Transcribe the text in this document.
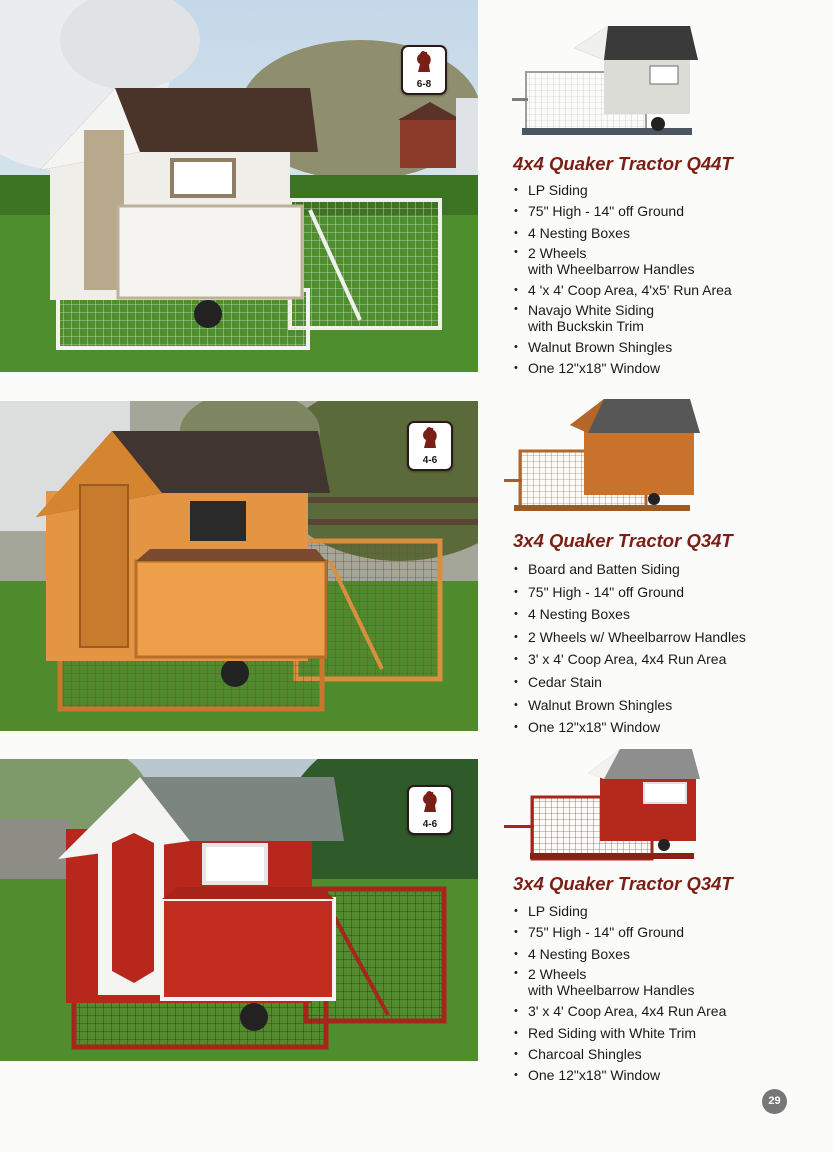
6-8
4x4 Quaker Tractor Q44T
• LP Siding
• 75" High - 14" off Ground
• 4 Nesting Boxes
• 2 Wheels
with Wheelbarrow Handles
• 4 'x 4' Coop Area, 4'x5' Run Area
• Navajo White Siding
with Buckskin Trim
• Walnut Brown Shingles
• One 12"x18" Window
4-6
3x4 Quaker Tractor Q34T
• Board and Batten Siding
• 75" High - 14" off Ground
• 4 Nesting Boxes
• 2 Wheels w/ Wheelbarrow Handles
• 3' x 4' Coop Area, 4x4 Run Area
• Cedar Stain
• Walnut Brown Shingles
• One 12"x18" Window
4-6
3x4 Quaker Tractor Q34T
• LP Siding
• 75" High - 14" off Ground
• 4 Nesting Boxes
• 2 Wheels
with Wheelbarrow Handles
• 3' x 4' Coop Area, 4x4 Run Area
• Red Siding with White Trim
• Charcoal Shingles
• One 12"x18" Window
29
